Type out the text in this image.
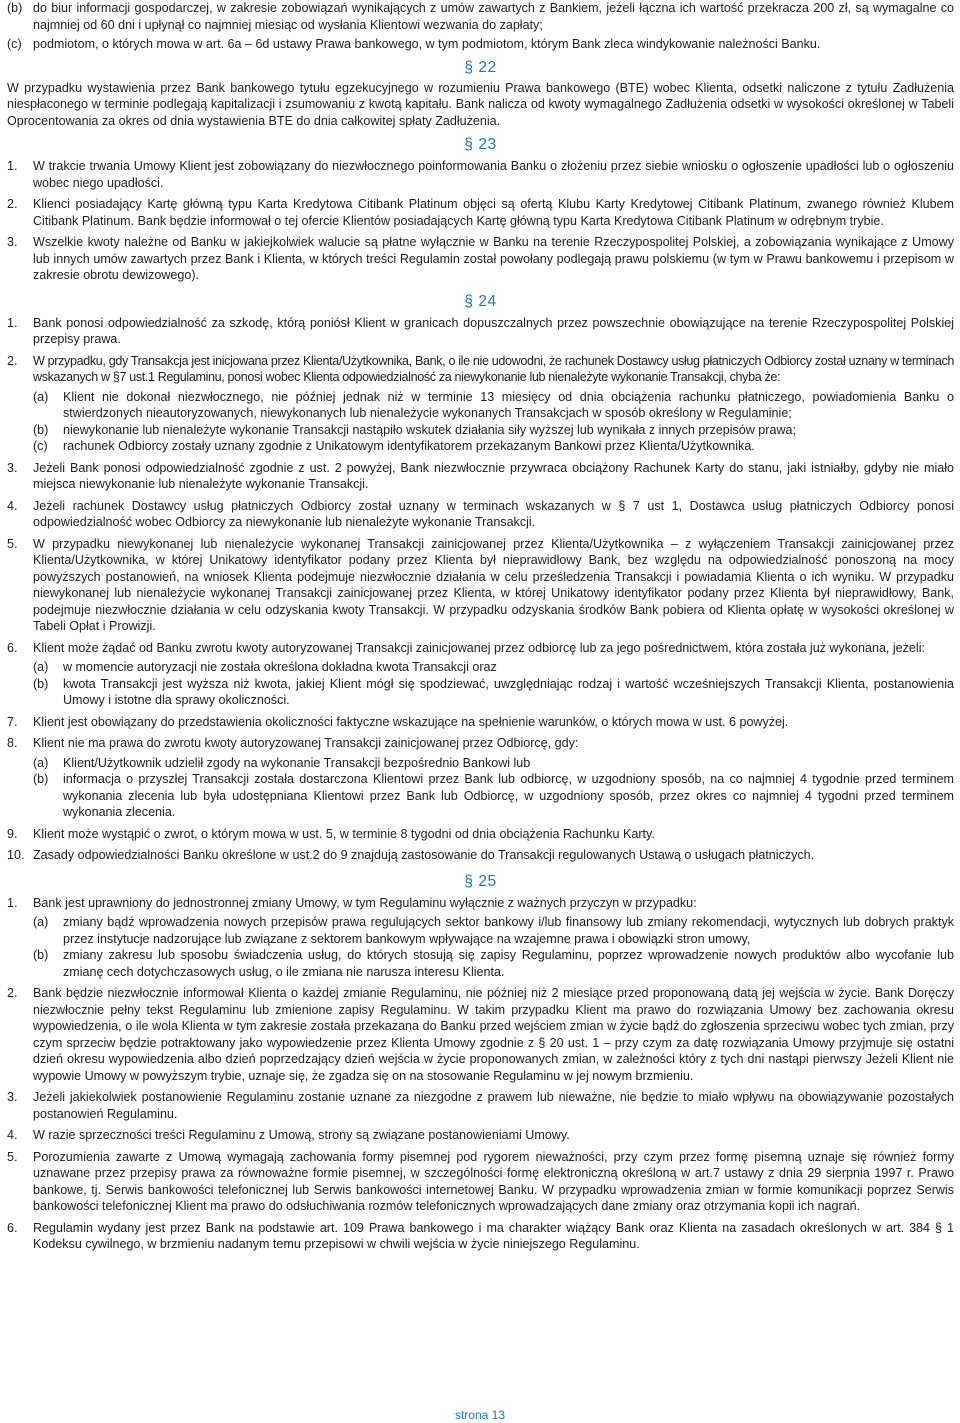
(b) do biur informacji gospodarczej, w zakresie zobowiązań wynikających z umów zawartych z Bankiem, jeżeli łączna ich wartość przekracza 200 zł, są wymagalne co najmniej od 60 dni i upłynął co najmniej miesiąc od wysłania Klientowi wezwania do zapłaty;
(c) podmiotom, o których mowa w art. 6a – 6d ustawy Prawa bankowego, w tym podmiotom, którym Bank zleca windykowanie należności Banku.
§ 22
W przypadku wystawienia przez Bank bankowego tytułu egzekucyjnego w rozumieniu Prawa bankowego (BTE) wobec Klienta, odsetki naliczone z tytułu Zadłużenia niespłaconego w terminie podlegają kapitalizacji i zsumowaniu z kwotą kapitału. Bank nalicza od kwoty wymagalnego Zadłużenia odsetki w wysokości określonej w Tabeli Oprocentowania za okres od dnia wystawienia BTE do dnia całkowitej spłaty Zadłużenia.
§ 23
1.	W trakcie trwania Umowy Klient jest zobowiązany do niezwłocznego poinformowania Banku o złożeniu przez siebie wniosku o ogłoszenie upadłości lub o ogłoszeniu wobec niego upadłości.
2.	Klienci posiadający Kartę główną typu Karta Kredytowa Citibank Platinum objęci są ofertą Klubu Karty Kredytowej Citibank Platinum, zwanego również Klubem Citibank Platinum. Bank będzie informował o tej ofercie Klientów posiadających Kartę główną typu Karta Kredytowa Citibank Platinum w odrębnym trybie.
3.	Wszelkie kwoty należne od Banku w jakiejkolwiek walucie są płatne wyłącznie w Banku na terenie Rzeczypospolitej Polskiej, a zobowiązania wynikające z Umowy lub innych umów zawartych przez Bank i Klienta, w których treści Regulamin został powołany podlegają prawu polskiemu (w tym w Prawu bankowemu i przepisom w zakresie obrotu dewizowego).
§ 24
1.	Bank ponosi odpowiedzialność za szkodę, którą poniósł Klient w granicach dopuszczalnych przez powszechnie obowiązujące na terenie Rzeczypospolitej Polskiej przepisy prawa.
2.	W przypadku, gdy Transakcja jest inicjowana przez Klienta/Użytkownika, Bank, o ile nie udowodni, że rachunek Dostawcy usług płatniczych Odbiorcy został uznany w terminach wskazanych w §7 ust.1 Regulaminu, ponosi wobec Klienta odpowiedzialność za niewykonanie lub nienależyte wykonanie Transakcji, chyba że:
(a)	Klient nie dokonał niezwłocznego, nie później jednak niż w terminie 13 miesięcy od dnia obciążenia rachunku płatniczego, powiadomienia Banku o stwierdzonych nieautoryzowanych, niewykonanych lub nienależycie wykonanych Transakcjach w sposób określony w Regulaminie;
(b)	niewykonanie lub nienależyte wykonanie Transakcji nastąpiło wskutek działania siły wyższej lub wynikała z innych przepisów prawa;
(c)	rachunek Odbiorcy zostały uznany zgodnie z Unikatowym identyfikatorem przekazanym Bankowi przez Klienta/Użytkownika.
3.	Jeżeli Bank ponosi odpowiedzialność zgodnie z ust. 2 powyżej, Bank niezwłocznie przywraca obciążony Rachunek Karty do stanu, jaki istniałby, gdyby nie miało miejsca niewykonanie lub nienależyte wykonanie Transakcji.
4.	Jeżeli rachunek Dostawcy usług płatniczych Odbiorcy został uznany w terminach wskazanych w § 7 ust 1, Dostawca usług płatniczych Odbiorcy ponosi odpowiedzialność wobec Odbiorcy za niewykonanie lub nienależyte wykonanie Transakcji.
5.	W przypadku niewykonanej lub nienależycie wykonanej Transakcji zainicjowanej przez Klienta/Użytkownika – z wyłączeniem Transakcji zainicjowanej przez Klienta/Użytkownika, w której Unikatowy identyfikator podany przez Klienta był nieprawidłowy Bank, bez względu na odpowiedzialność ponoszoną na mocy powyższych postanowień, na wniosek Klienta podejmuje niezwłocznie działania w celu prześledzenia Transakcji i powiadamia Klienta o ich wyniku. W przypadku niewykonanej lub nienależycie wykonanej Transakcji zainicjowanej przez Klienta, w której Unikatowy identyfikator podany przez Klienta był nieprawidłowy, Bank, podejmuje niezwłocznie działania w celu odzyskania kwoty Transakcji. W przypadku odzyskania środków Bank pobiera od Klienta opłatę w wysokości określonej w Tabeli Opłat i Prowizji.
6.	Klient może żądać od Banku zwrotu kwoty autoryzowanej Transakcji zainicjowanej przez odbiorcę lub za jego pośrednictwem, która została już wykonana, jeżeli:
(a)	w momencie autoryzacji nie została określona dokładna kwota Transakcji oraz
(b)	kwota Transakcji jest wyższa niż kwota, jakiej Klient mógł się spodziewać, uwzględniając rodzaj i wartość wcześniejszych Transakcji Klienta, postanowienia Umowy i istotne dla sprawy okoliczności.
7.	Klient jest obowiązany do przedstawienia okoliczności faktyczne wskazujące na spełnienie warunków, o których mowa w ust. 6 powyżej.
8.	Klient nie ma prawa do zwrotu kwoty autoryzowanej Transakcji zainicjowanej przez Odbiorcę, gdy:
(a)	Klient/Użytkownik udzielił zgody na wykonanie Transakcji bezpośrednio Bankowi lub
(b)	informacja o przyszłej Transakcji została dostarczona Klientowi przez Bank lub odbiorcę, w uzgodniony sposób, na co najmniej 4 tygodnie przed terminem wykonania zlecenia lub była udostępniana Klientowi przez Bank lub Odbiorcę, w uzgodniony sposób, przez okres co najmniej 4 tygodni przed terminem wykonania zlecenia.
9.	Klient może wystąpić o zwrot, o którym mowa w ust. 5, w terminie 8 tygodni od dnia obciążenia Rachunku Karty.
10. Zasady odpowiedzialności Banku określone w ust.2 do 9 znajdują zastosowanie do Transakcji regulowanych Ustawą o usługach płatniczych.
§ 25
1.	Bank jest uprawniony do jednostronnej zmiany Umowy, w tym Regulaminu wyłącznie z ważnych przyczyn w przypadku:
(a)	zmiany bądź wprowadzenia nowych przepisów prawa regulujących sektor bankowy i/lub finansowy lub zmiany rekomendacji, wytycznych lub dobrych praktyk przez instytucje nadzorujące lub związane z sektorem bankowym wpływające na wzajemne prawa i obowiązki stron umowy,
(b)	zmiany zakresu lub sposobu świadczenia usług, do których stosują się zapisy Regulaminu, poprzez wprowadzenie nowych produktów albo wycofanie lub zmianę cech dotychczasowych usług, o ile zmiana nie narusza interesu Klienta.
2.	Bank będzie niezwłocznie informował Klienta o każdej zmianie Regulaminu, nie później niż 2 miesiące przed proponowaną datą jej wejścia w życie. Bank Doręczy niezwłocznie pełny tekst Regulaminu lub zmienione zapisy Regulaminu. W takim przypadku Klient ma prawo do rozwiązania Umowy bez zachowania okresu wypowiedzenia, o ile wola Klienta w tym zakresie została przekazana do Banku przed wejściem zmian w życie bądź do zgłoszenia sprzeciwu wobec tych zmian, przy czym sprzeciw będzie potraktowany jako wypowiedzenie przez Klienta Umowy zgodnie z § 20 ust. 1 – przy czym za datę rozwiązania Umowy przyjmuje się ostatni dzień okresu wypowiedzenia albo dzień poprzedzający dzień wejścia w życie proponowanych zmian, w zależności który z tych dni nastąpi pierwszy Jeżeli Klient nie wypowie Umowy w powyższym trybie, uznaje się, że zgadza się on na stosowanie Regulaminu w jej nowym brzmieniu.
3.	Jeżeli jakiekolwiek postanowienie Regulaminu zostanie uznane za niezgodne z prawem lub nieważne, nie będzie to miało wpływu na obowiązywanie pozostałych postanowień Regulaminu.
4.	W razie sprzeczności treści Regulaminu z Umową, strony są związane postanowieniami Umowy.
5.	Porozumienia zawarte z Umową wymagają zachowania formy pisemnej pod rygorem nieważności, przy czym przez formę pisemną uznaje się również formy uznawane przez przepisy prawa za równoważne formie pisemnej, w szczególności formę elektroniczną określoną w art.7 ustawy z dnia 29 sierpnia 1997 r. Prawo bankowe, tj. Serwis bankowości telefonicznej lub Serwis bankowości internetowej Banku. W przypadku wprowadzenia zmian w formie komunikacji poprzez Serwis bankowości telefonicznej Klient ma prawo do odsłuchiwania rozmów telefonicznych wprowadzających dane zmiany oraz otrzymania kopii ich nagrań.
6.	Regulamin wydany jest przez Bank na podstawie art. 109 Prawa bankowego i ma charakter wiążący Bank oraz Klienta na zasadach określonych w art. 384 § 1 Kodeksu cywilnego, w brzmieniu nadanym temu przepisowi w chwili wejścia w życie niniejszego Regulaminu.
strona 13
